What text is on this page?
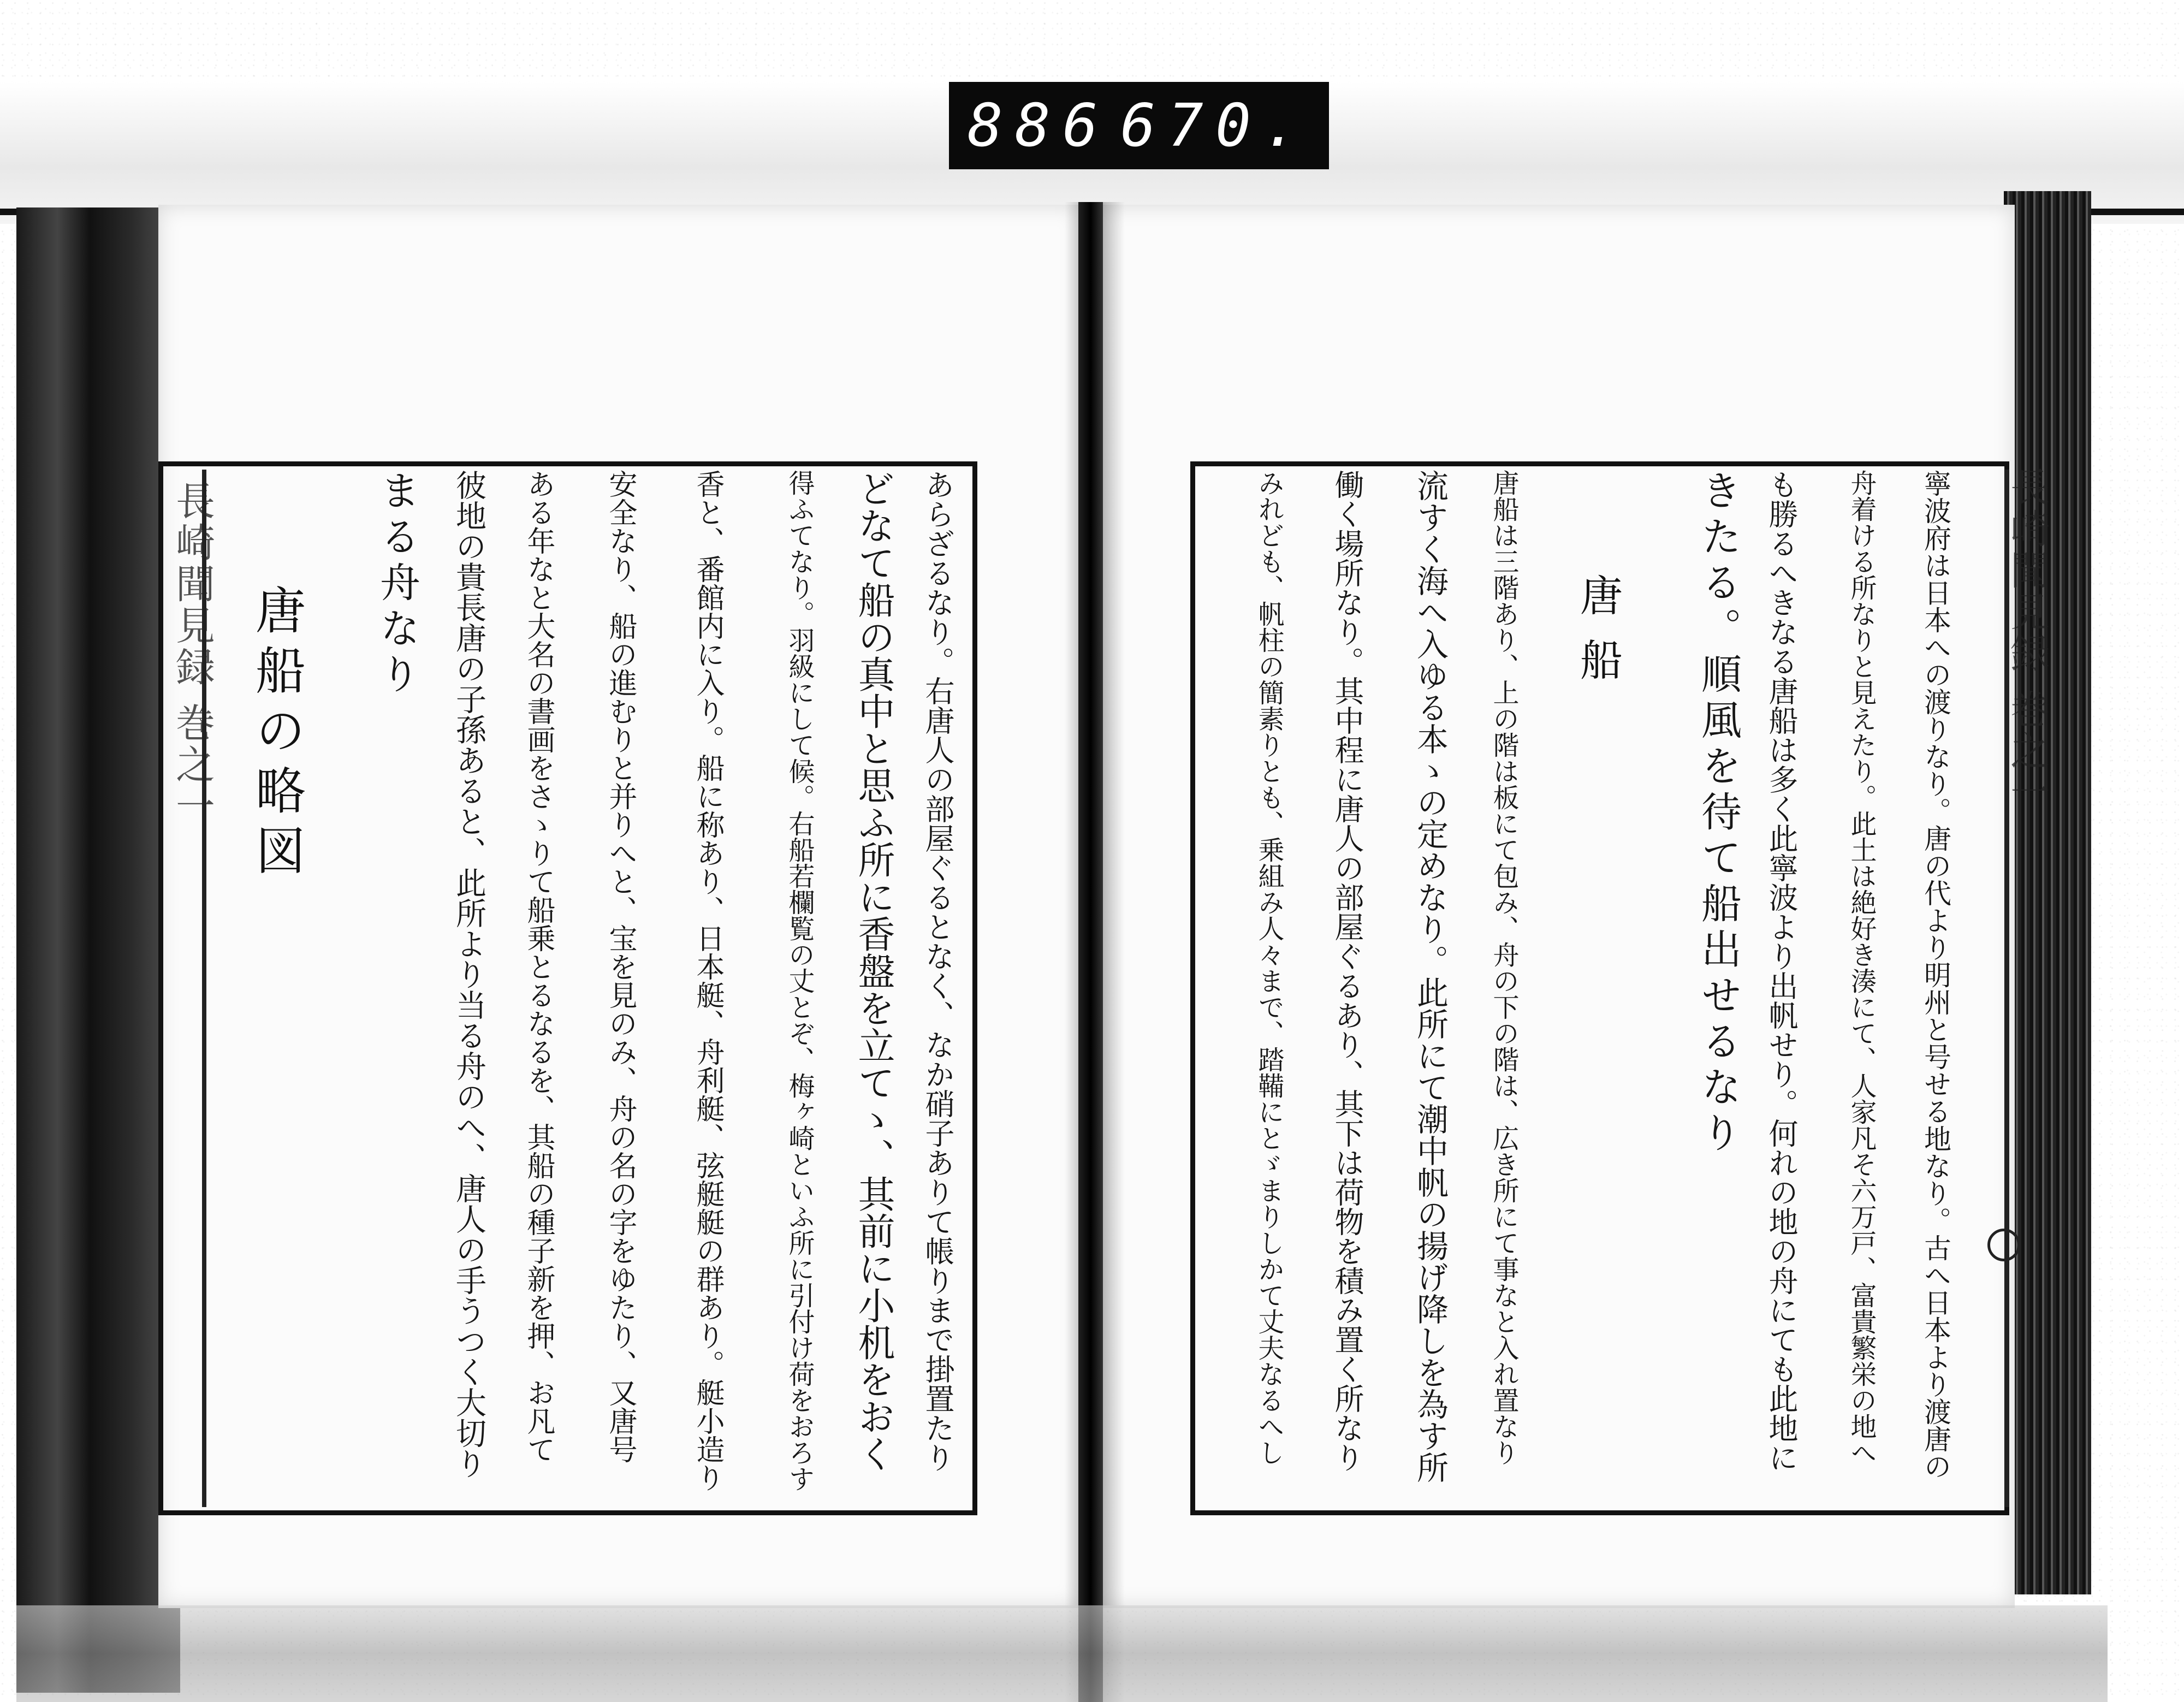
886 670.
長崎聞見録 巻之一	あらざるなり。右唐人の部屋ぐるとなく、なか硝子ありて帳りまで掛置たり
どなて船の真中と思ふ所に香盤を立てゝ、其前に小机をおく
得ふてなり。羽級にして候。右船若欄覧の丈とぞ、梅ヶ崎といふ所に引付け荷をおろす
香と、番館内に入り。船に称あり、日本艇、舟利艇、弦艇艇の群あり。艇小造り
安全なり、船の進むりと并りへと、宝を見のみ、舟の名の字をゆたり、又唐号
ある年なと大名の書画をさゝりて船乗とるなるを、其船の種子新を押、お凡て
彼地の貴長唐の子孫あると、此所より当る舟のへ、唐人の手うつく大切り
まる舟なり
唐船の略図	長崎聞見録 巻之一
寧波府は日本への渡りなり。唐の代より明州と号せる地なり。古へ日本より渡唐の
舟着ける所なりと見えたり。此土は絶好き湊にて、人家凡そ六万戸、富貴繁栄の地へ
も勝るへきなる唐船は多く此寧波より出帆せり。何れの地の舟にても此地に
きたる。順風を待て船出せるなり
唐船
唐船は三階あり、上の階は板にて包み、舟の下の階は、広き所にて事なと入れ置なり
流すく海へ入ゆる本ゝの定めなり。此所にて潮中帆の揚げ降しを為す所
働く場所なり。其中程に唐人の部屋ぐるあり、其下は荷物を積み置く所なり
みれども、帆柱の簡素りとも、乗組み人々まで、踏鞴にとゞまりしかて丈夫なるへし
